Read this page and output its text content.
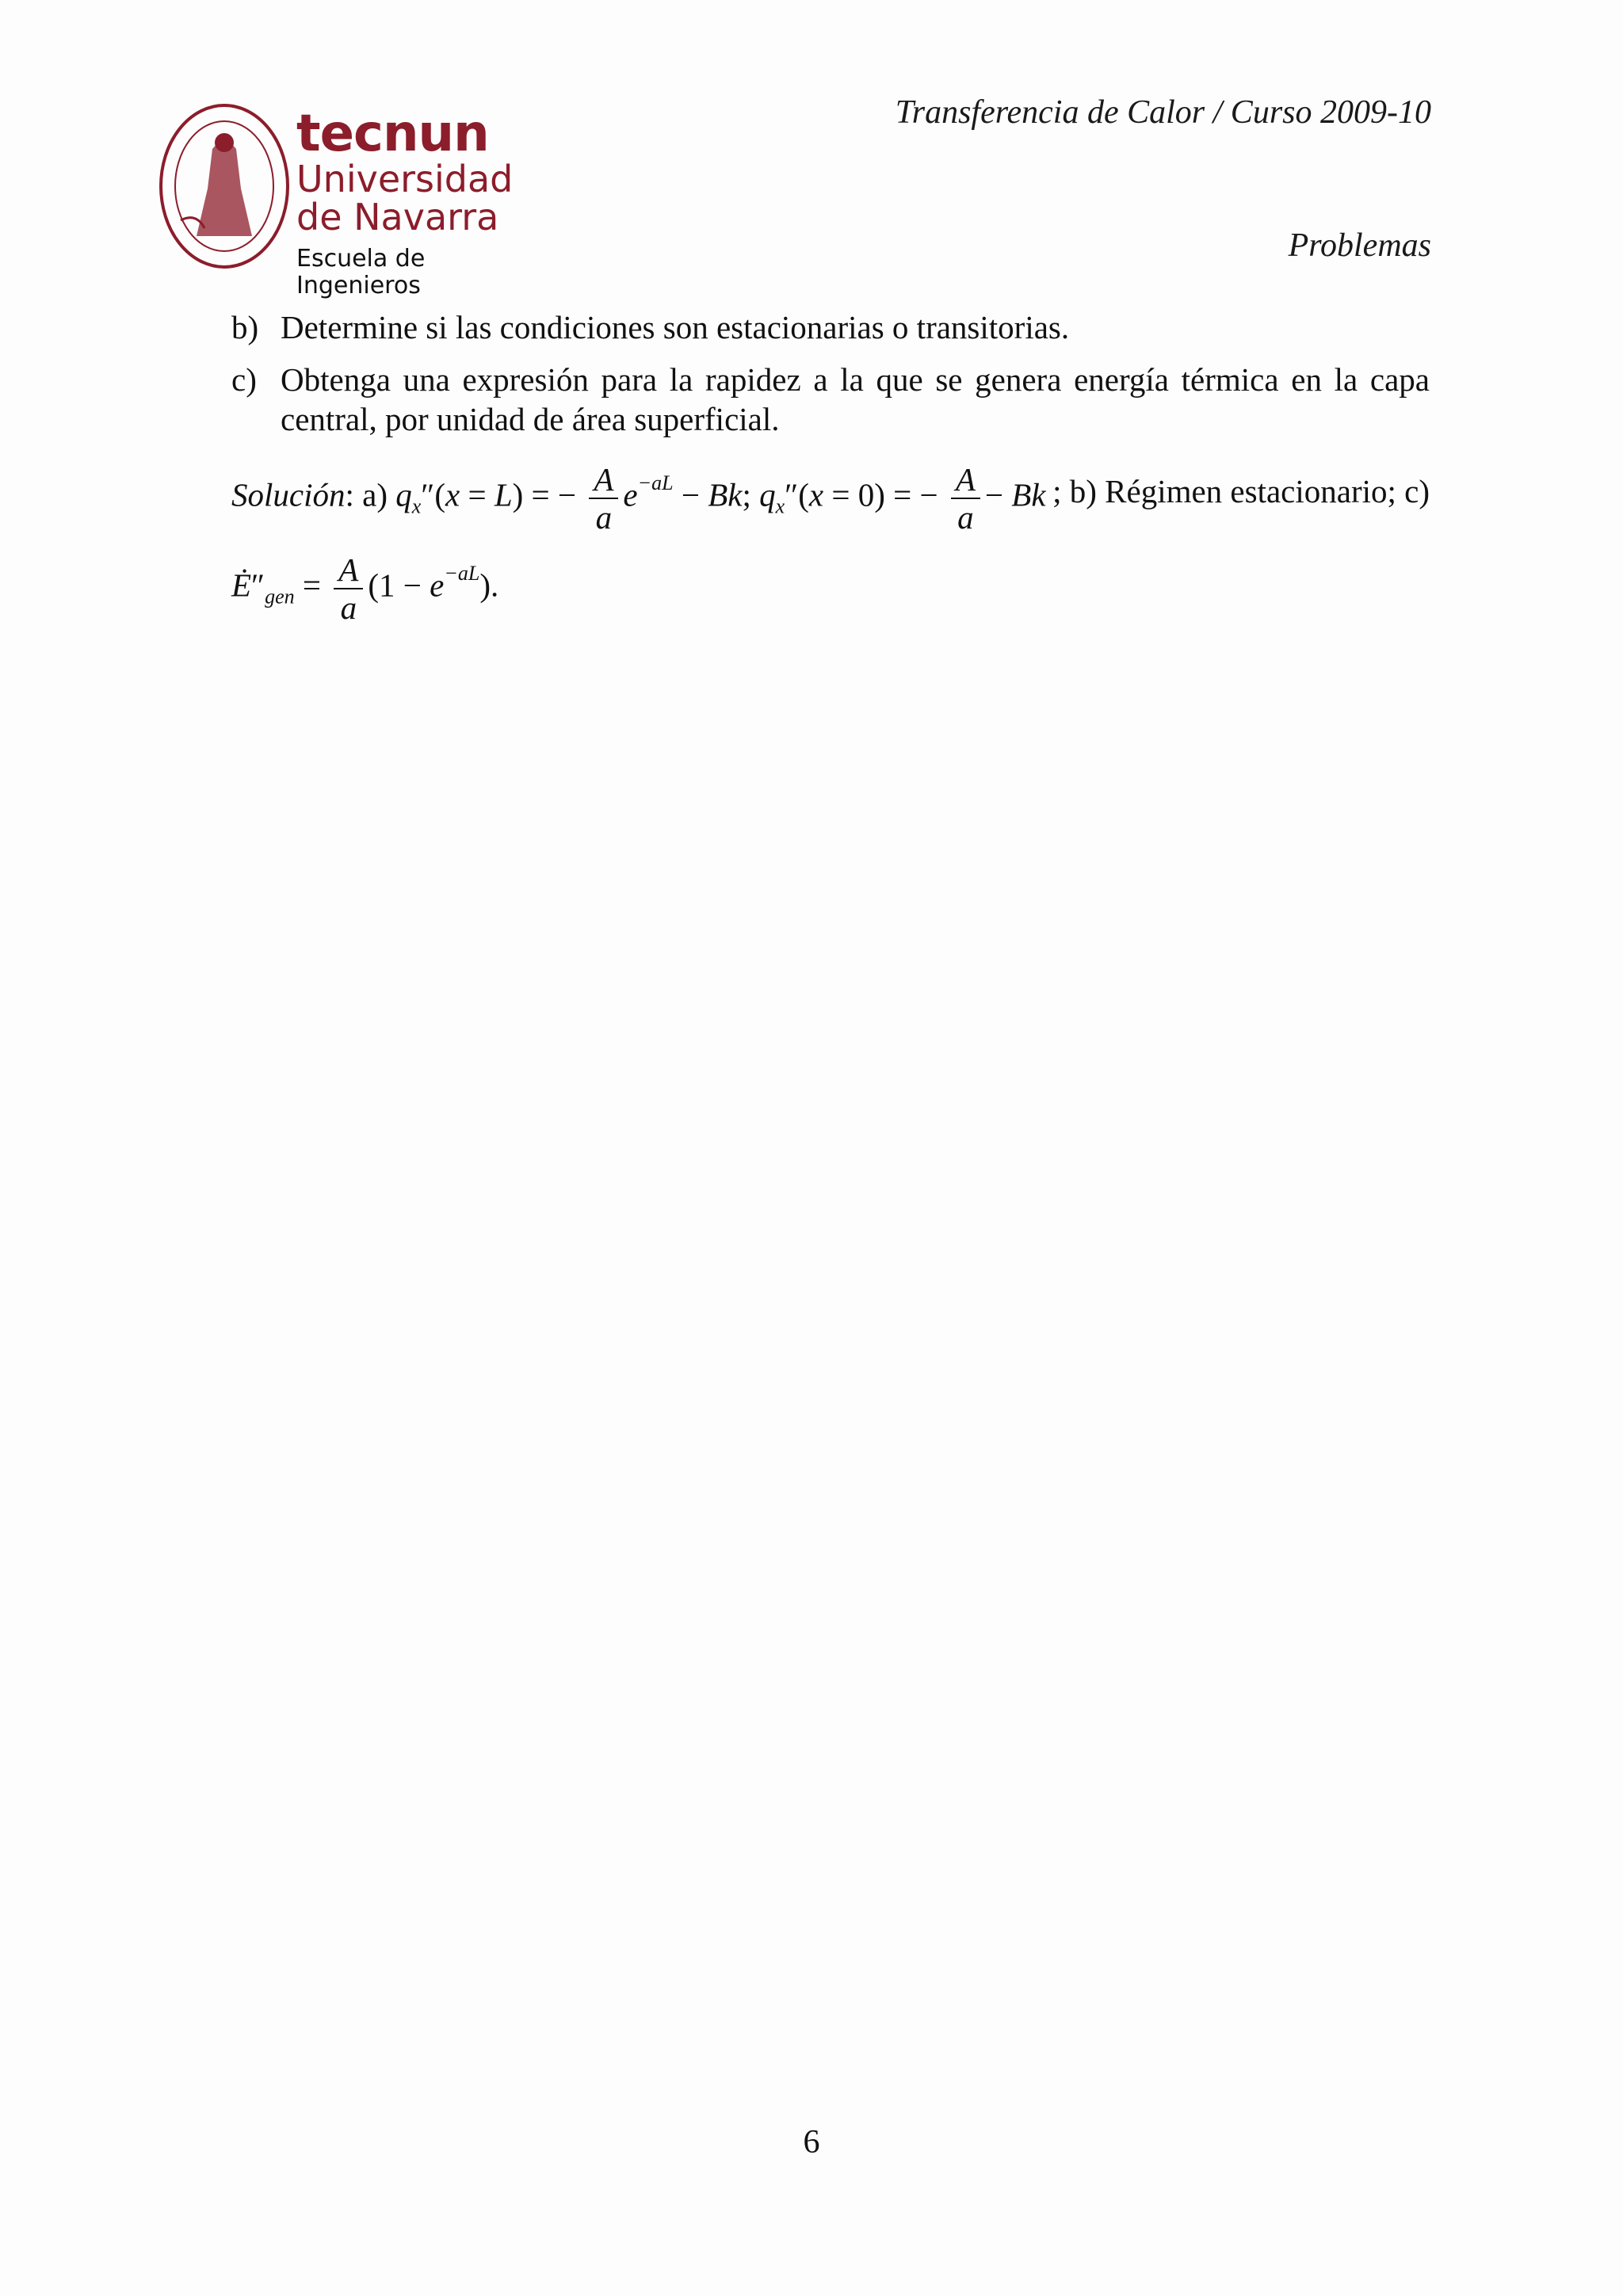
Transferencia de Calor / Curso 2009-10
Problemas
tecnun
Universidad
de Navarra
Escuela de Ingenieros
b) Determine si las condiciones son estacionarias o transitorias.
c) Obtenga una expresión para la rapidez a la que se genera energía térmica en la capa central, por unidad de área superficial.
Solución: a) $q_x''(x = L)$ = − $\frac{A}{a} e^{-aL} - Bk$; $q_x''(x = 0)$ = − $\frac{A}{a} - Bk$ ; b) Régimen estacionario; c)
$Ė''_{gen} = \frac{A}{a} (1 - e^{-aL})$.
6
